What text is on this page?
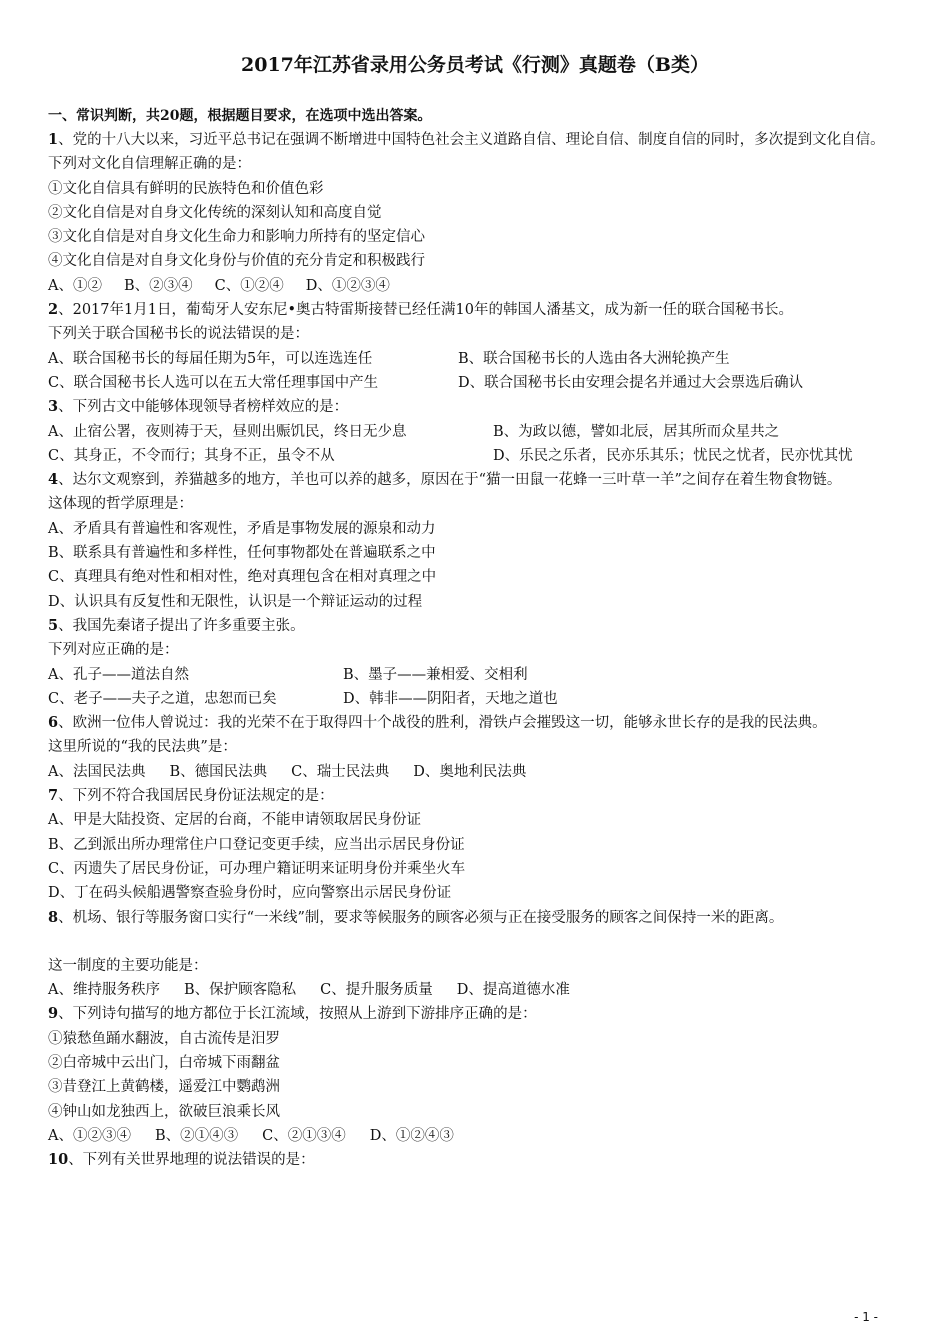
2017年江苏省录用公务员考试《行测》真题卷（B类）
一、常识判断，共20题，根据题目要求，在选项中选出答案。
1、党的十八大以来，习近平总书记在强调不断增进中国特色社会主义道路自信、理论自信、制度自信的同时，多次提到文化自信。
下列对文化自信理解正确的是：
①文化自信具有鲜明的民族特色和价值色彩
②文化自信是对自身文化传统的深刻认知和高度自觉
③文化自信是对自身文化生命力和影响力所持有的坚定信心
④文化自信是对自身文化身份与价值的充分肯定和积极践行
A、①② B、②③④ C、①②④ D、①②③④
2、2017年1月1日，葡萄牙人安东尼•奥古特雷斯接替已经任满10年的韩国人潘基文，成为新一任的联合国秘书长。
下列关于联合国秘书长的说法错误的是：
A、联合国秘书长的每届任期为5年，可以连选连任	B、联合国秘书长的人选由各大洲轮换产生
C、联合国秘书长人选可以在五大常任理事国中产生	D、联合国秘书长由安理会提名并通过大会票选后确认
3、下列古文中能够体现领导者榜样效应的是：
A、止宿公署，夜则祷于天，昼则出赈饥民，终日无少息	B、为政以德，譬如北辰，居其所而众星共之
C、其身正，不令而行；其身不正，虽令不从	D、乐民之乐者，民亦乐其乐；忧民之忧者，民亦忧其忧
4、达尔文观察到，养猫越多的地方，羊也可以养的越多，原因在于“猫一田鼠一花蜂一三叶草一羊”之间存在着生物食物链。
这体现的哲学原理是：
A、矛盾具有普遍性和客观性，矛盾是事物发展的源泉和动力
B、联系具有普遍性和多样性，任何事物都处在普遍联系之中
C、真理具有绝对性和相对性，绝对真理包含在相对真理之中
D、认识具有反复性和无限性，认识是一个辩证运动的过程
5、我国先秦诸子提出了许多重要主张。
下列对应正确的是：
A、孔子——道法自然	B、墨子——兼相爱、交相利
C、老子——夫子之道，忠恕而已矣	D、韩非——阴阳者，天地之道也
6、欧洲一位伟人曾说过：我的光荣不在于取得四十个战役的胜利，滑铁卢会摧毁这一切，能够永世长存的是我的民法典。
这里所说的“我的民法典”是：
A、法国民法典 B、德国民法典 C、瑞士民法典 D、奥地利民法典
7、下列不符合我国居民身份证法规定的是：
A、甲是大陆投资、定居的台商，不能申请领取居民身份证
B、乙到派出所办理常住户口登记变更手续，应当出示居民身份证
C、丙遗失了居民身份证，可办理户籍证明来证明身份并乘坐火车
D、丁在码头候船遇警察查验身份时，应向警察出示居民身份证
8、机场、银行等服务窗口实行“一米线”制，要求等候服务的顾客必须与正在接受服务的顾客之间保持一米的距离。
这一制度的主要功能是：
A、维持服务秩序 B、保护顾客隐私 C、提升服务质量 D、提高道德水准
9、下列诗句描写的地方都位于长江流域，按照从上游到下游排序正确的是：
①猿愁鱼踊水翻波，自古流传是汨罗
②白帝城中云出门，白帝城下雨翻盆
③昔登江上黄鹤楼，遥爱江中鹦鹉洲
④钟山如龙独西上，欲破巨浪乘长风
A、①②③④ B、②①④③ C、②①③④ D、①②④③
10、下列有关世界地理的说法错误的是：
- 1 -
